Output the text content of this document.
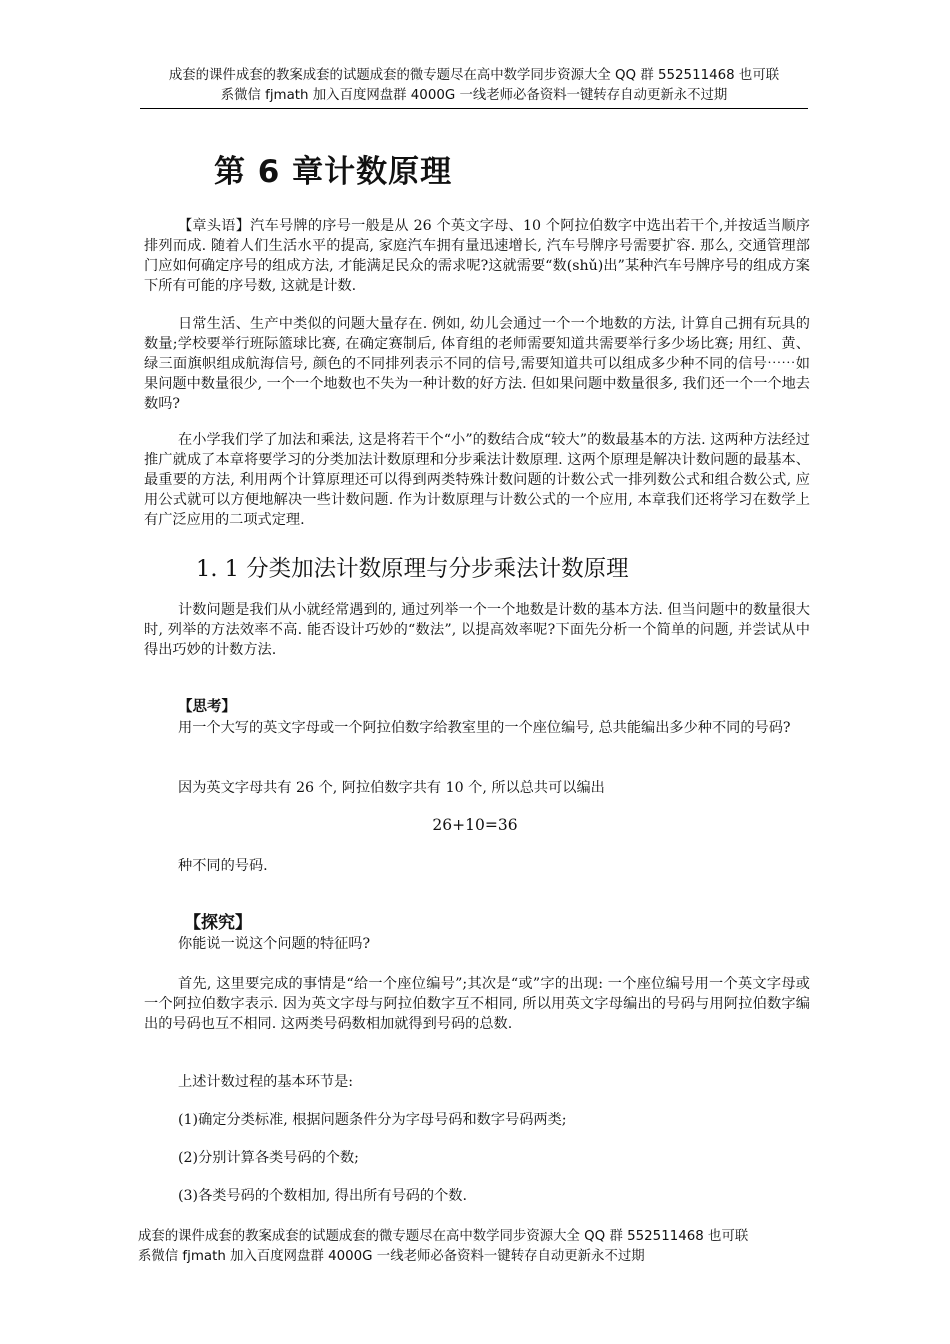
成套的课件成套的教案成套的试题成套的微专题尽在高中数学同步资源大全 QQ 群 552511468 也可联
系微信 fjmath 加入百度网盘群 4000G 一线老师必备资料一键转存自动更新永不过期
第 6 章计数原理

【章头语】汽车号牌的序号一般是从 26 个英文字母、10 个阿拉伯数字中选出若干个,并按适当顺序排列而成. 随着人们生活水平的提高, 家庭汽车拥有量迅速增长, 汽车号牌序号需要扩容. 那么, 交通管理部门应如何确定序号的组成方法, 才能满足民众的需求呢?这就需要“数(shǔ)出”某种汽车号牌序号的组成方案下所有可能的序号数, 这就是计数.

日常生活、生产中类似的问题大量存在. 例如, 幼儿会通过一个一个地数的方法, 计算自己拥有玩具的数量;学校要举行班际篮球比赛, 在确定赛制后, 体育组的老师需要知道共需要举行多少场比赛; 用红、黄、绿三面旗帜组成航海信号, 颜色的不同排列表示不同的信号,需要知道共可以组成多少种不同的信号⋯⋯如果问题中数量很少, 一个一个地数也不失为一种计数的好方法. 但如果问题中数量很多, 我们还一个一个地去数吗?

在小学我们学了加法和乘法, 这是将若干个“小”的数结合成“较大”的数最基本的方法. 这两种方法经过推广就成了本章将要学习的分类加法计数原理和分步乘法计数原理. 这两个原理是解决计数问题的最基本、最重要的方法, 利用两个计算原理还可以得到两类特殊计数问题的计数公式一排列数公式和组合数公式, 应用公式就可以方便地解决一些计数问题. 作为计数原理与计数公式的一个应用, 本章我们还将学习在数学上有广泛应用的二项式定理.

1. 1 分类加法计数原理与分步乘法计数原理

计数问题是我们从小就经常遇到的, 通过列举一个一个地数是计数的基本方法. 但当问题中的数量很大时, 列举的方法效率不高. 能否设计巧妙的“数法”, 以提高效率呢?下面先分析一个简单的问题, 并尝试从中得出巧妙的计数方法.

【思考】

用一个大写的英文字母或一个阿拉伯数字给教室里的一个座位编号, 总共能编出多少种不同的号码?

因为英文字母共有 26 个, 阿拉伯数字共有 10 个, 所以总共可以编出

26+10=36

种不同的号码.

【探究】

你能说一说这个问题的特征吗?

首先, 这里要完成的事情是“给一个座位编号”;其次是“或”字的出现: 一个座位编号用一个英文字母或一个阿拉伯数字表示. 因为英文字母与阿拉伯数字互不相同, 所以用英文字母编出的号码与用阿拉伯数字编出的号码也互不相同. 这两类号码数相加就得到号码的总数.

上述计数过程的基本环节是:

(1)确定分类标准, 根据问题条件分为字母号码和数字号码两类;

(2)分别计算各类号码的个数;

(3)各类号码的个数相加, 得出所有号码的个数.

成套的课件成套的教案成套的试题成套的微专题尽在高中数学同步资源大全 QQ 群 552511468 也可联
系微信 fjmath 加入百度网盘群 4000G 一线老师必备资料一键转存自动更新永不过期
